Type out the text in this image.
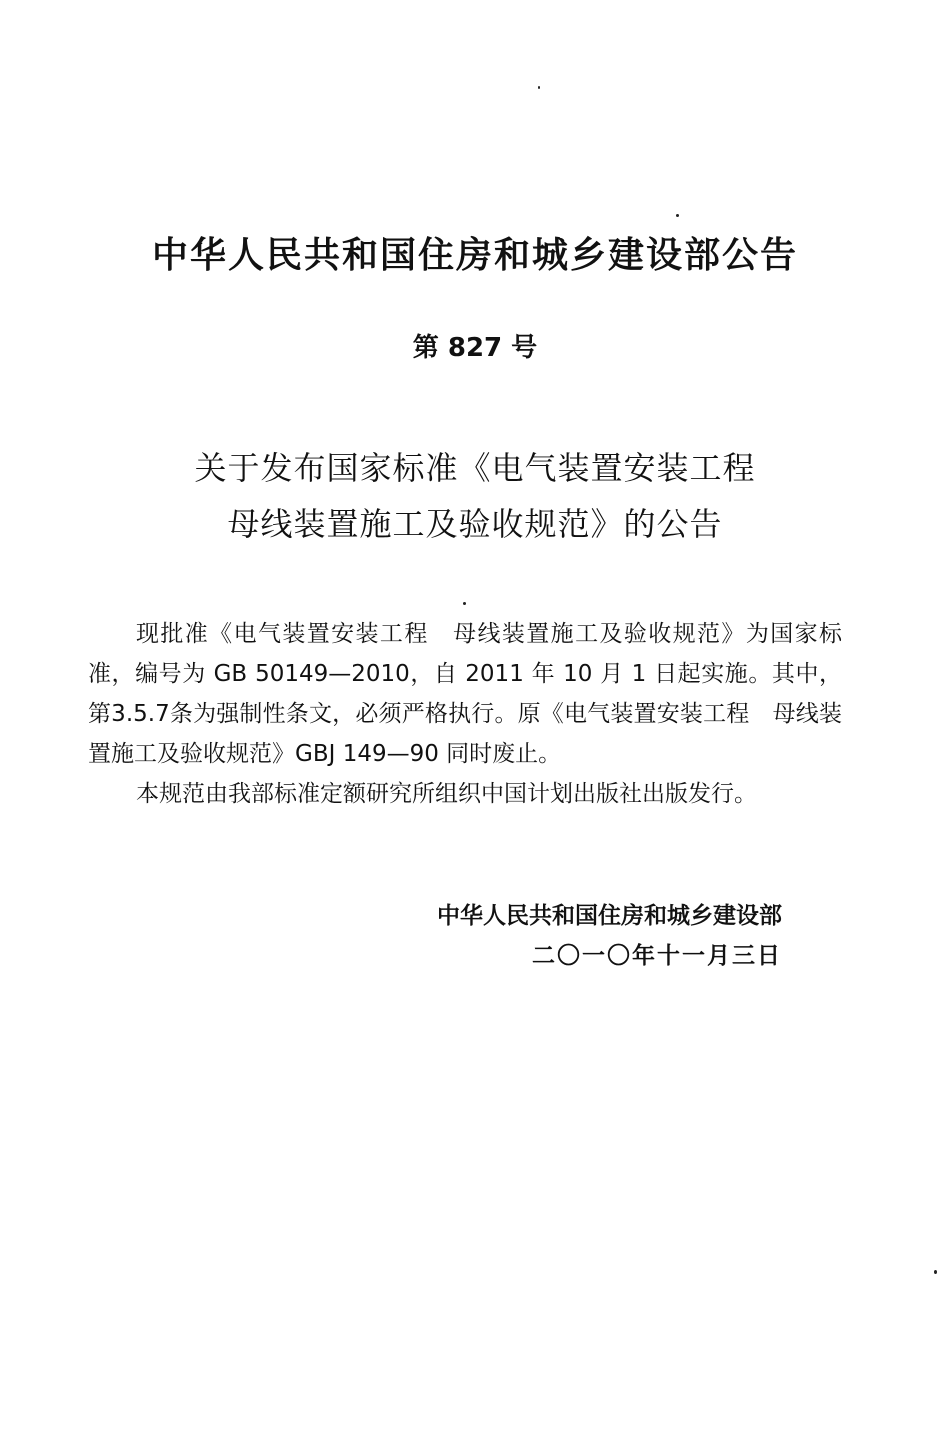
中华人民共和国住房和城乡建设部公告
第 827 号
关于发布国家标准《电气装置安装工程
母线装置施工及验收规范》的公告

现批准《电气装置安装工程　母线装置施工及验收规范》为国家标准，编号为 GB 50149—2010，自 2011 年 10 月 1 日起实施。其中，第3.5.7条为强制性条文，必须严格执行。原《电气装置安装工程　母线装置施工及验收规范》GBJ 149—90 同时废止。

本规范由我部标准定额研究所组织中国计划出版社出版发行。

中华人民共和国住房和城乡建设部
二〇一〇年十一月三日
